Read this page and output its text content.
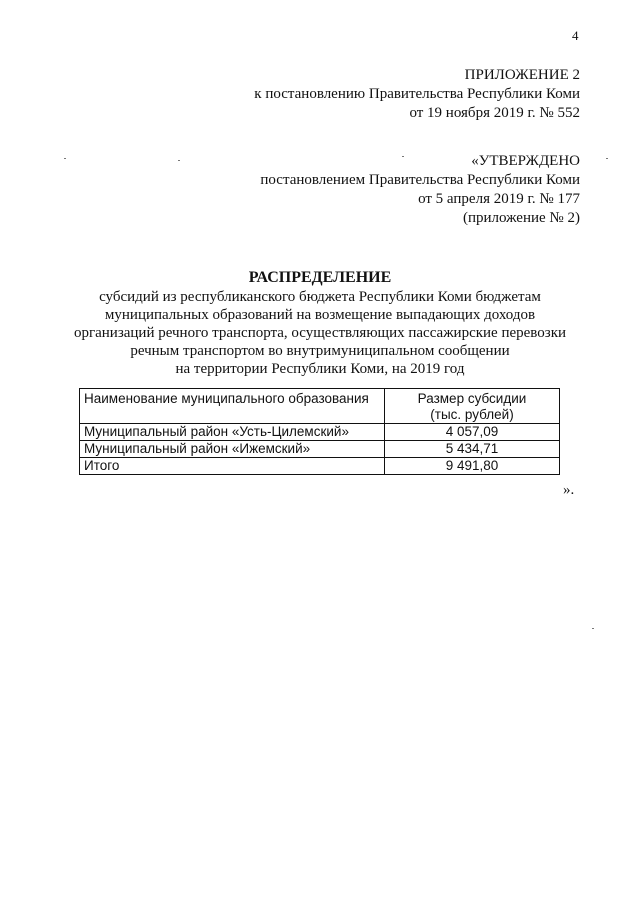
4
ПРИЛОЖЕНИЕ 2
к постановлению Правительства Республики Коми
от 19 ноября 2019 г. № 552
«УТВЕРЖДЕНО
постановлением Правительства Республики Коми
от 5 апреля 2019 г. № 177
(приложение № 2)
РАСПРЕДЕЛЕНИЕ
субсидий из республиканского бюджета Республики Коми бюджетам
муниципальных образований на возмещение выпадающих доходов
организаций речного транспорта, осуществляющих пассажирские перевозки
речным транспортом во внутримуниципальном сообщении
на территории Республики Коми, на 2019 год
Наименование муниципального образования	Размер субсидии
(тыс. рублей)

Муниципальный район «Усть-Цилемский»	4 057,09
Муниципальный район «Ижемский»	5 434,71
Итого	9 491,80
».
